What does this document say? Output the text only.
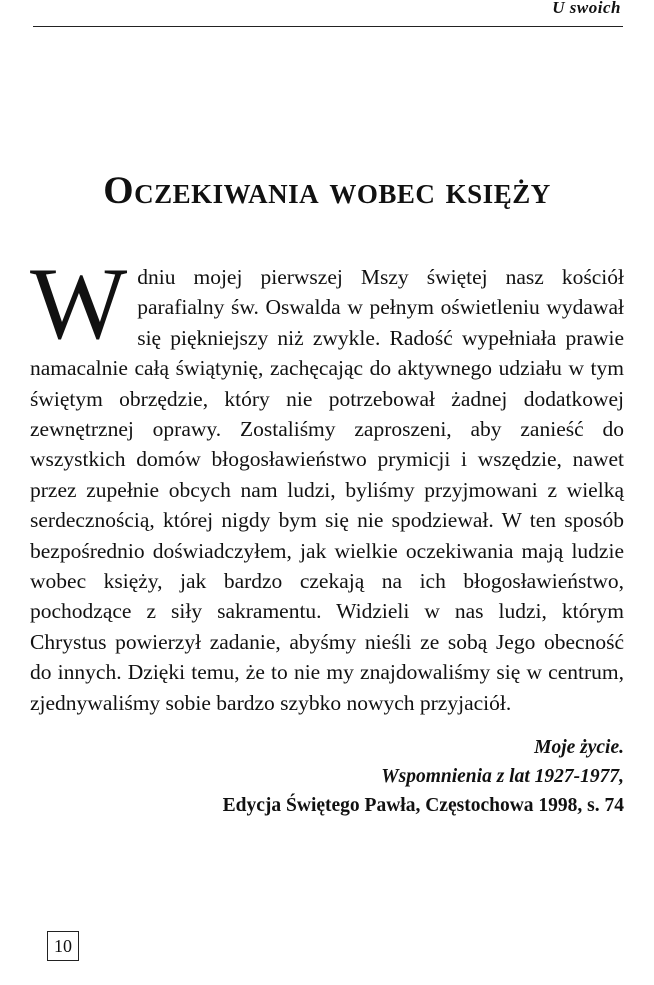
U swoich
Oczekiwania wobec księży

Wdniu mojej pierwszej Mszy świętej nasz kościół parafialny św. Oswalda w pełnym oświetleniu wydawał się piękniejszy niż zwykle. Radość wypełniała prawie namacalnie całą świątynię, zachęcając do aktywnego udziału w tym świętym obrzędzie, który nie potrzebował żadnej dodatkowej zewnętrznej oprawy. Zostaliśmy zaproszeni, aby zanieść do wszystkich domów błogosławieństwo prymicji i wszędzie, nawet przez zupełnie obcych nam ludzi, byliśmy przyjmowani z wielką serdecznością, której nigdy bym się nie spodziewał. W ten sposób bezpośrednio doświadczyłem, jak wielkie oczekiwania mają ludzie wobec księży, jak bardzo czekają na ich błogosławieństwo, pochodzące z siły sakramentu. Widzieli w nas ludzi, którym Chrystus powierzył zadanie, abyśmy nieśli ze sobą Jego obecność do innych. Dzięki temu, że to nie my znajdowaliśmy się w centrum, zjednywaliśmy sobie bardzo szybko nowych przyjaciół.

Moje życie.
Wspomnienia z lat 1927-1977,
Edycja Świętego Pawła, Częstochowa 1998, s. 74
10
